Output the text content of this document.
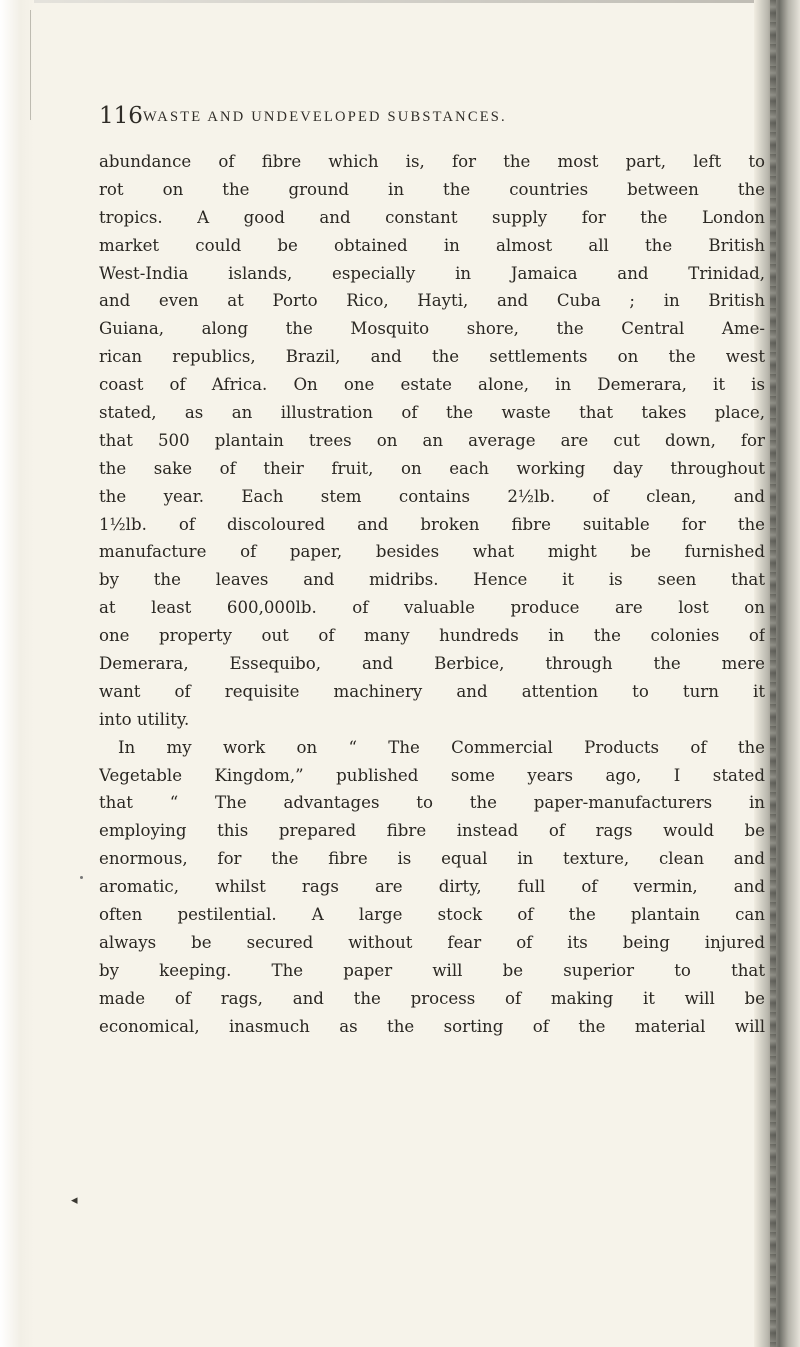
116 WASTE AND UNDEVELOPED SUBSTANCES.
abundance of fibre which is, for the most part, left to
rot on the ground in the countries between the
tropics. A good and constant supply for the London
market could be obtained in almost all the British
West-India islands, especially in Jamaica and Trinidad,
and even at Porto Rico, Hayti, and Cuba ; in British
Guiana, along the Mosquito shore, the Central Ame-
rican republics, Brazil, and the settlements on the west
coast of Africa. On one estate alone, in Demerara, it is
stated, as an illustration of the waste that takes place,
that 500 plantain trees on an average are cut down, for
the sake of their fruit, on each working day throughout
the year. Each stem contains 2½lb. of clean, and
1½lb. of discoloured and broken fibre suitable for the
manufacture of paper, besides what might be furnished
by the leaves and midribs. Hence it is seen that
at least 600,000lb. of valuable produce are lost on
one property out of many hundreds in the colonies of
Demerara, Essequibo, and Berbice, through the mere
want of requisite machinery and attention to turn it
into utility.
In my work on “ The Commercial Products of the
Vegetable Kingdom,” published some years ago, I stated
that “ The advantages to the paper-manufacturers in
employing this prepared fibre instead of rags would be
enormous, for the fibre is equal in texture, clean and
aromatic, whilst rags are dirty, full of vermin, and
often pestilential. A large stock of the plantain can
always be secured without fear of its being injured
by keeping. The paper will be superior to that
made of rags, and the process of making it will be
economical, inasmuch as the sorting of the material will
◂
